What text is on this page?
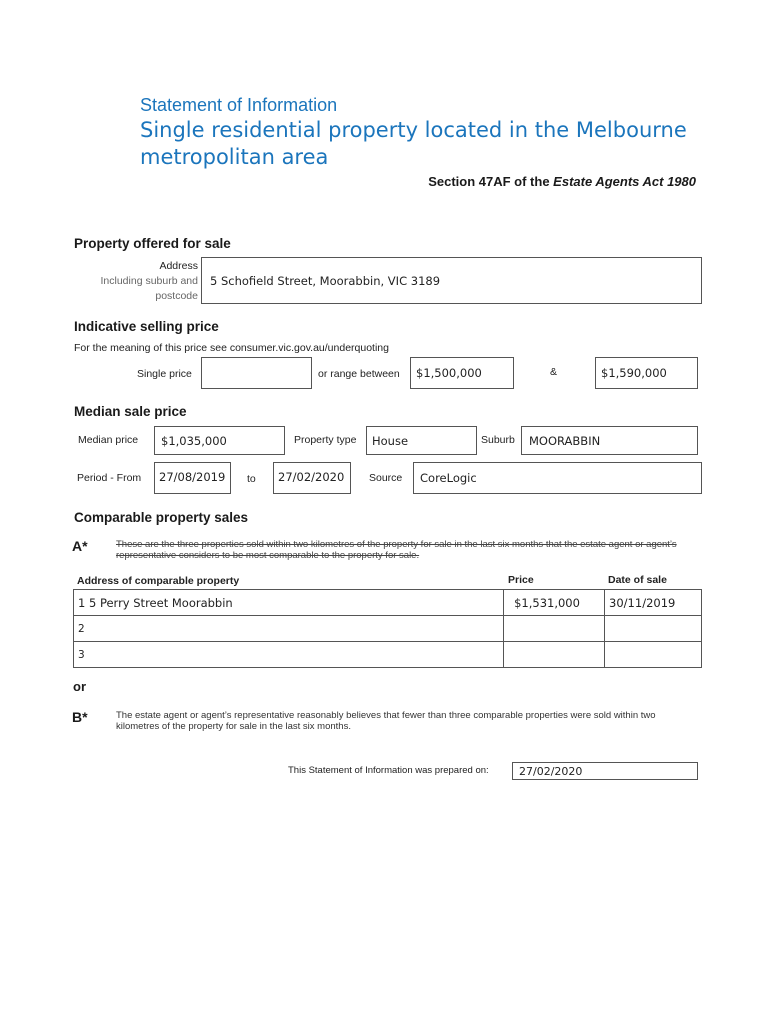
Statement of Information
Single residential property located in the Melbourne metropolitan area
Section 47AF of the Estate Agents Act 1980
Property offered for sale
Address
Including suburb and
postcode
5 Schofield Street, Moorabbin, VIC 3189
Indicative selling price
For the meaning of this price see consumer.vic.gov.au/underquoting
Single price	or range between	$1,500,000	&	$1,590,000
Median sale price
Median price	$1,035,000	Property type	House	Suburb	MOORABBIN
Period - From	27/08/2019	to	27/02/2020	Source	CoreLogic
Comparable property sales
A*	These are the three properties sold within two kilometres of the property for sale in the last six months that the estate agent or agent’s representative considers to be most comparable to the property for sale.
Address of comparable property	Price	Date of sale
1 5 Perry Street Moorabbin	$1,531,000	30/11/2019
2		
3		
or
B*	The estate agent or agent’s representative reasonably believes that fewer than three comparable properties were sold within two kilometres of the property for sale in the last six months.
This Statement of Information was prepared on:	27/02/2020
